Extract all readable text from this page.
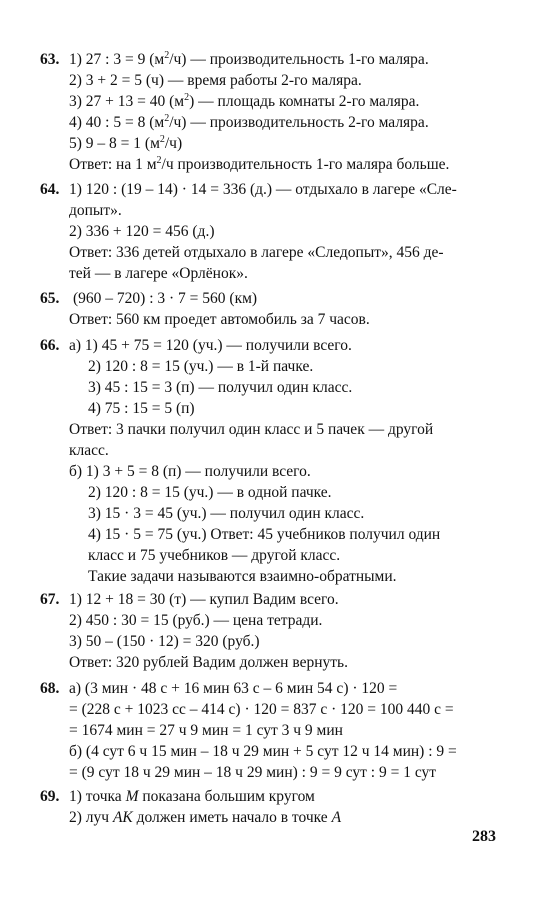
63. 1) 27 : 3 = 9 $(м^2/ч)$ — производительность 1-го маляра.
2) 3 + 2 = 5 (ч) — время работы 2-го маляра.
3) 27 + 13 = 40 $(м^2)$ — площадь комнаты 2-го маляра.
4) 40 : 5 = 8 $(м^2/ч)$ — производительность 2-го маляра.
5) 9 – 8 = 1 $(м^2/ч)$
Ответ: на 1 $м^2/ч$ производительность 1-го маляра больше.
64. 1) 120 : (19 – 14) · 14 = 336 (д.) — отдыхало в лагере «Сле-
допыт».
2) 336 + 120 = 456 (д.)
Ответ: 336 детей отдыхало в лагере «Следопыт», 456 де-
тей — в лагере «Орлёнок».
65. (960 – 720) : 3 · 7 = 560 (км)
Ответ: 560 км проедет автомобиль за 7 часов.
66. а) 1) 45 + 75 = 120 (уч.) — получили всего.
2) 120 : 8 = 15 (уч.) — в 1-й пачке.
3) 45 : 15 = 3 (п) — получил один класс.
4) 75 : 15 = 5 (п)
Ответ: 3 пачки получил один класс и 5 пачек — другой
класс.
б) 1) 3 + 5 = 8 (п) — получили всего.
2) 120 : 8 = 15 (уч.) — в одной пачке.
3) 15 · 3 = 45 (уч.) — получил один класс.
4) 15 · 5 = 75 (уч.) Ответ: 45 учебников получил один
класс и 75 учебников — другой класс.
Такие задачи называются взаимно-обратными.
67. 1) 12 + 18 = 30 (т) — купил Вадим всего.
2) 450 : 30 = 15 (руб.) — цена тетради.
3) 50 – (150 · 12) = 320 (руб.)
Ответ: 320 рублей Вадим должен вернуть.
68. а) (3 мин · 48 с + 16 мин 63 с – 6 мин 54 с) · 120 =
= (228 с + 1023 сс – 414 с) · 120 = 837 с · 120 = 100 440 с =
= 1674 мин = 27 ч 9 мин = 1 сут 3 ч 9 мин
б) (4 сут 6 ч 15 мин – 18 ч 29 мин + 5 сут 12 ч 14 мин) : 9 =
= (9 сут 18 ч 29 мин – 18 ч 29 мин) : 9 = 9 сут : 9 = 1 сут
69. 1) точка М показана большим кругом
2) луч АК должен иметь начало в точке А
283
